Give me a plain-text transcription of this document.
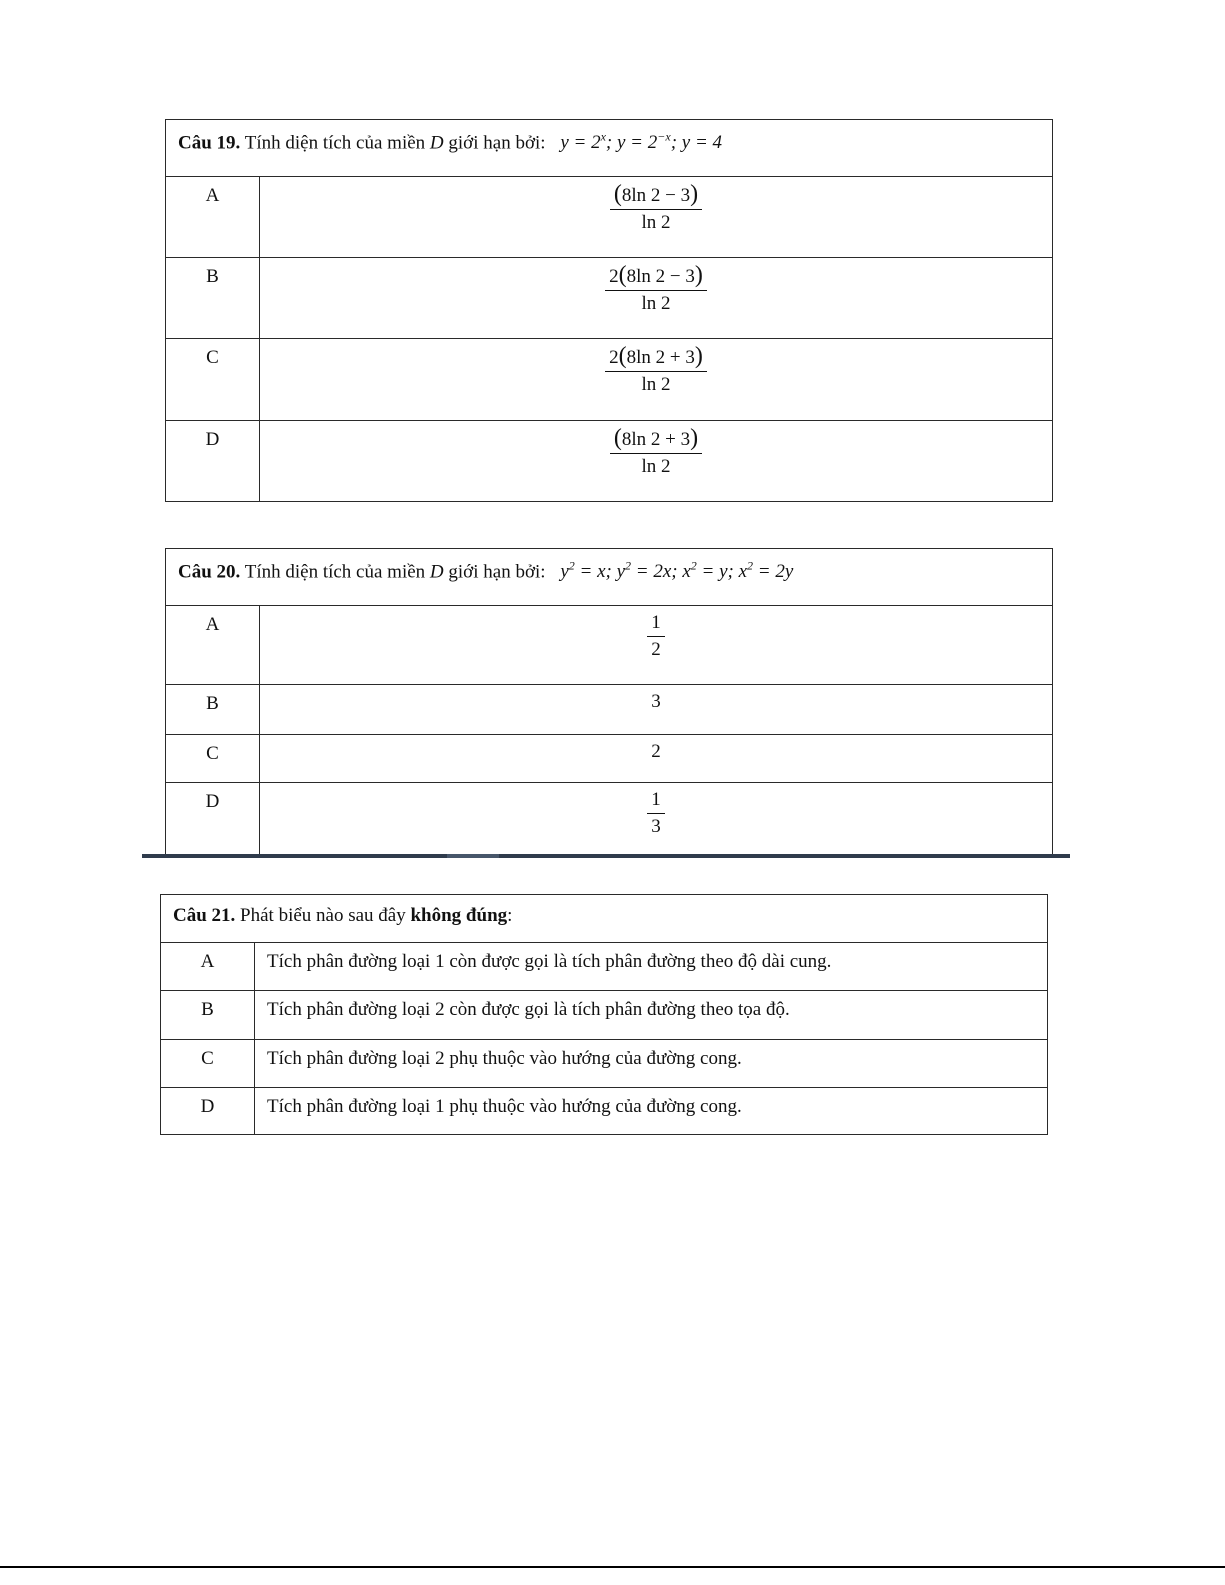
Câu 19. Tính diện tích của miền D giới hạn bởi: $y = 2^x$; $y = 2^{-x}$; y = 4	
A	$\frac{(8\ln 2 - 3)}{\ln 2}$

B	$\frac{2(8\ln 2 - 3)}{\ln 2}$

C	$\frac{2(8\ln 2 + 3)}{\ln 2}$

D	$\frac{(8\ln 2 + 3)}{\ln 2}$
Câu 20. Tính diện tích của miền D giới hạn bởi: $y^2 = x$; $y^2 = 2x$; $x^2 = y$; $x^2 = 2y$	
A	$\frac{1}{2}$

B	3
C	2
D	$\frac{1}{3}$
Câu 21. Phát biểu nào sau đây không đúng:	
A	Tích phân đường loại 1 còn được gọi là tích phân đường theo độ dài cung.
B	Tích phân đường loại 2 còn được gọi là tích phân đường theo tọa độ.
C	Tích phân đường loại 2 phụ thuộc vào hướng của đường cong.
D	Tích phân đường loại 1 phụ thuộc vào hướng của đường cong.
